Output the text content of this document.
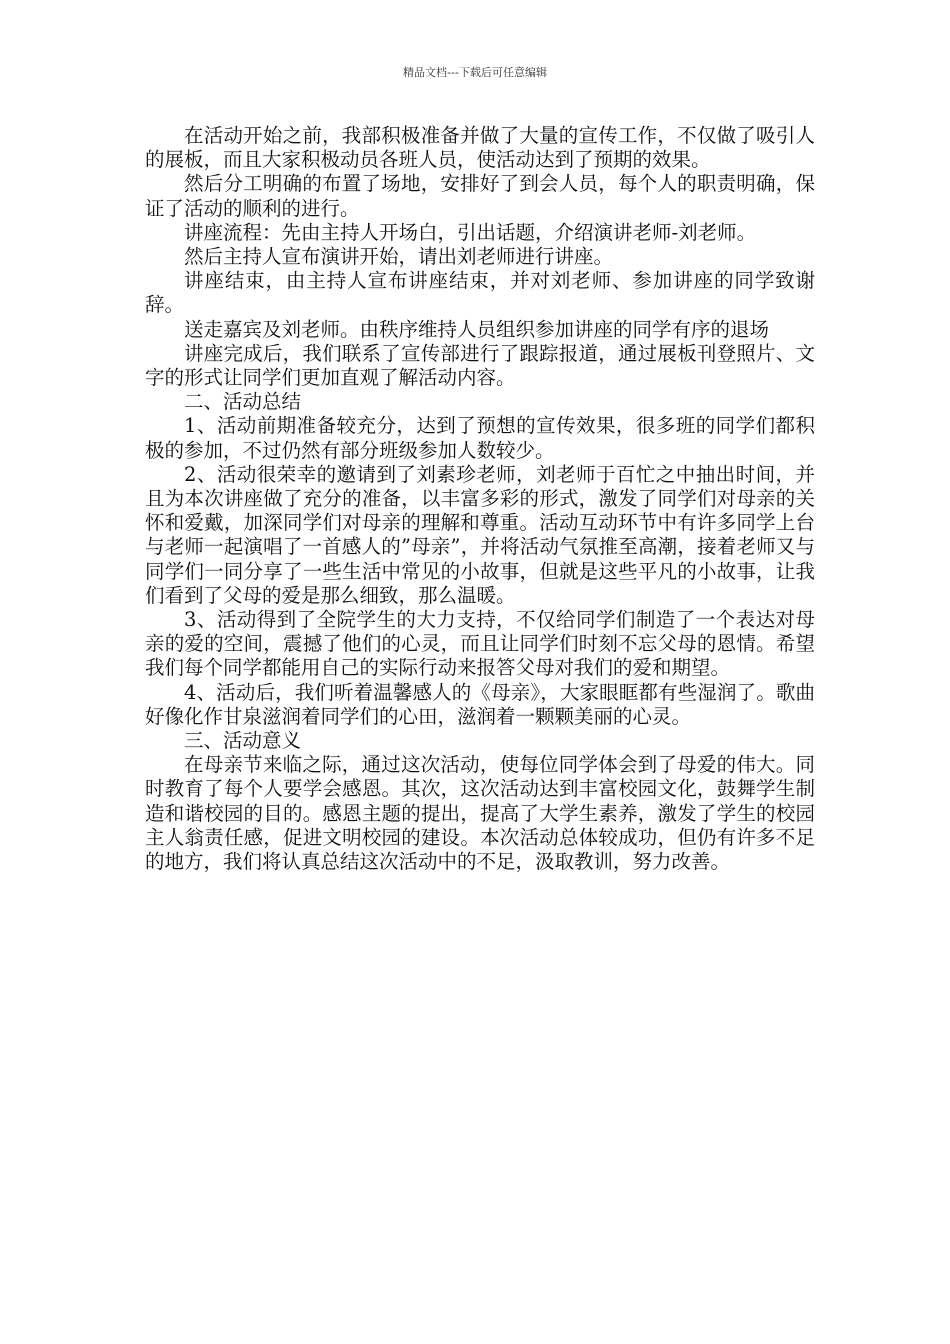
精品文档---下载后可任意编辑

在活动开始之前，我部积极准备并做了大量的宣传工作，不仅做了吸引人的展板，而且大家积极动员各班人员，使活动达到了预期的效果。

然后分工明确的布置了场地，安排好了到会人员，每个人的职责明确，保证了活动的顺利的进行。

讲座流程：先由主持人开场白，引出话题，介绍演讲老师-刘老师。

然后主持人宣布演讲开始，请出刘老师进行讲座。

讲座结束，由主持人宣布讲座结束，并对刘老师、参加讲座的同学致谢辞。

送走嘉宾及刘老师。由秩序维持人员组织参加讲座的同学有序的退场

讲座完成后，我们联系了宣传部进行了跟踪报道，通过展板刊登照片、文字的形式让同学们更加直观了解活动内容。

二、活动总结

1、活动前期准备较充分，达到了预想的宣传效果，很多班的同学们都积极的参加，不过仍然有部分班级参加人数较少。

2、活动很荣幸的邀请到了刘素珍老师，刘老师于百忙之中抽出时间，并且为本次讲座做了充分的准备，以丰富多彩的形式，激发了同学们对母亲的关怀和爱戴，加深同学们对母亲的理解和尊重。活动互动环节中有许多同学上台与老师一起演唱了一首感人的”母亲”，并将活动气氛推至高潮，接着老师又与同学们一同分享了一些生活中常见的小故事，但就是这些平凡的小故事，让我们看到了父母的爱是那么细致，那么温暖。

3、活动得到了全院学生的大力支持，不仅给同学们制造了一个表达对母亲的爱的空间，震撼了他们的心灵，而且让同学们时刻不忘父母的恩情。希望我们每个同学都能用自己的实际行动来报答父母对我们的爱和期望。

4、活动后，我们听着温馨感人的《母亲》，大家眼眶都有些湿润了。歌曲好像化作甘泉滋润着同学们的心田，滋润着一颗颗美丽的心灵。

三、活动意义

在母亲节来临之际，通过这次活动，使每位同学体会到了母爱的伟大。同时教育了每个人要学会感恩。其次，这次活动达到丰富校园文化，鼓舞学生制造和谐校园的目的。感恩主题的提出，提高了大学生素养，激发了学生的校园主人翁责任感，促进文明校园的建设。本次活动总体较成功，但仍有许多不足的地方，我们将认真总结这次活动中的不足，汲取教训，努力改善。
